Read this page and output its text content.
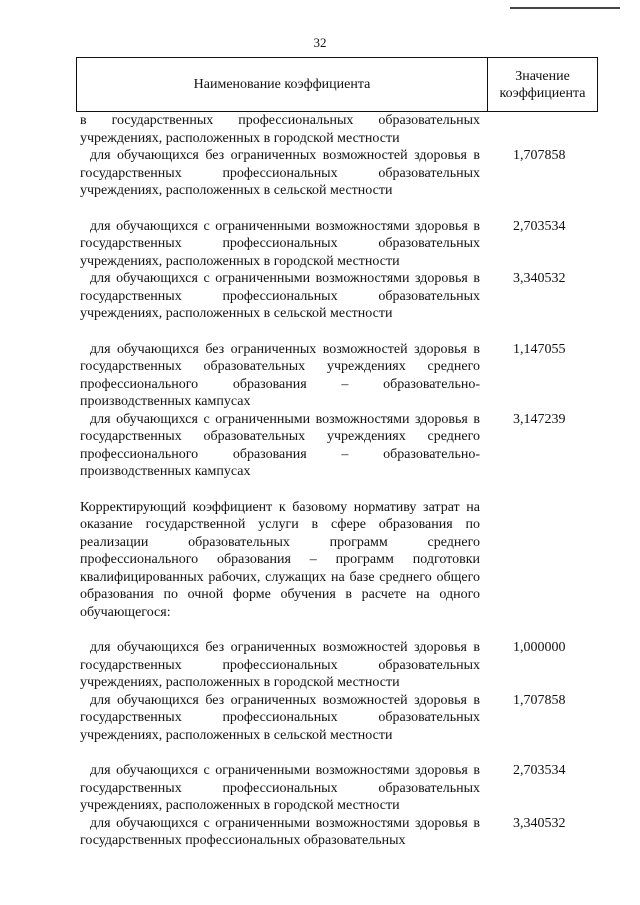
32
Наименование коэффициента
Значение
коэффициента
в государственных профессиональных образовательных учреждениях, расположенных в городской местности
для обучающихся без ограниченных возможностей здоровья в государственных профессиональных образовательных учреждениях, расположенных в сельской местности
1,707858
для обучающихся с ограниченными возможностями здоровья в государственных профессиональных образовательных учреждениях, расположенных в городской местности
2,703534
для обучающихся с ограниченными возможностями здоровья в государственных профессиональных образовательных учреждениях, расположенных в сельской местности
3,340532
для обучающихся без ограниченных возможностей здоровья в государственных образовательных учреждениях среднего профессионального образования – образовательно-производственных кампусах
1,147055
для обучающихся с ограниченными возможностями здоровья в государственных образовательных учреждениях среднего профессионального образования – образовательно-производственных кампусах
3,147239
Корректирующий коэффициент к базовому нормативу затрат на оказание государственной услуги в сфере образования по реализации образовательных программ среднего профессионального образования – программ подготовки квалифицированных рабочих, служащих на базе среднего общего образования по очной форме обучения в расчете на одного обучающегося:
для обучающихся без ограниченных возможностей здоровья в государственных профессиональных образовательных учреждениях, расположенных в городской местности
1,000000
для обучающихся без ограниченных возможностей здоровья в государственных профессиональных образовательных учреждениях, расположенных в сельской местности
1,707858
для обучающихся с ограниченными возможностями здоровья в государственных профессиональных образовательных учреждениях, расположенных в городской местности
2,703534
для обучающихся с ограниченными возможностями здоровья в государственных профессиональных образовательных
3,340532
